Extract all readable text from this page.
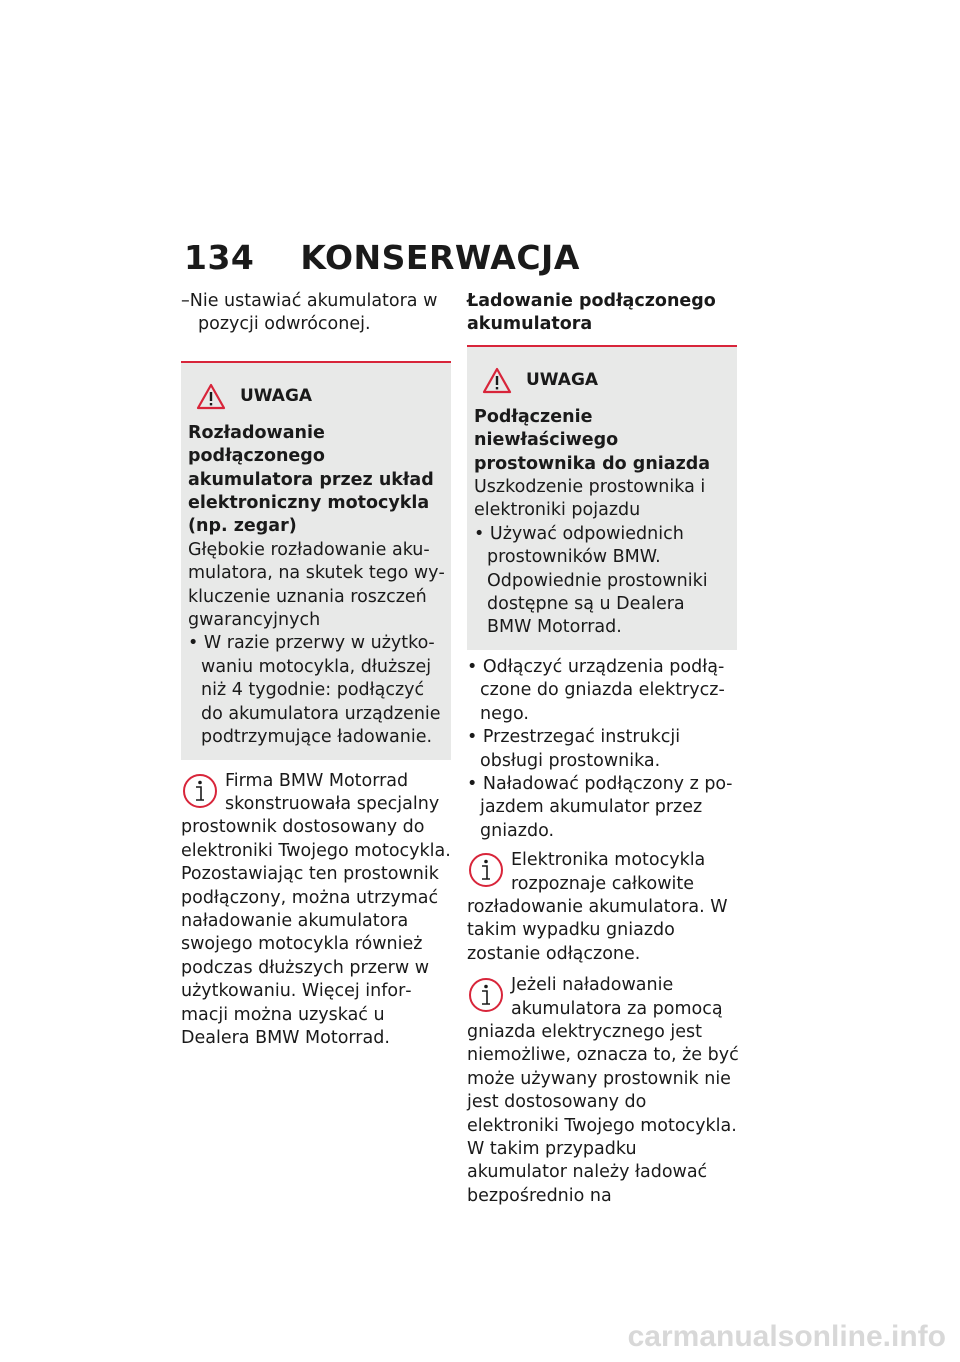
134 KONSERWACJA

–Nie ustawiać akumulatora w pozycji odwróconej.

UWAGA

Rozładowanie podłączonego akumulatora przez układ elektroniczny motocykla (np. zegar)

Głębokie rozładowanie akumulatora, na skutek tego wykluczenie uznania roszczeń gwarancyjnych

• W razie przerwy w użytkowaniu motocykla, dłuższej niż 4 tygodnie: podłączyć do akumulatora urządzenie podtrzymujące ładowanie.

Firma BMW Motorrad skonstruowała specjalny prostownik dostosowany do elektroniki Twojego motocykla. Pozostawiając ten prostownik podłączony, można utrzymać naładowanie akumulatora swojego motocykla również podczas dłuższych przerw w użytkowaniu. Więcej informacji można uzyskać u Dealera BMW Motorrad.

Ładowanie podłączonego akumulatora
UWAGA

Podłączenie niewłaściwego prostownika do gniazda

Uszkodzenie prostownika i elektroniki pojazdu

• Używać odpowiednich prostowników BMW. Odpowiednie prostowniki dostępne są u Dealera BMW Motorrad.

• Odłączyć urządzenia podłączone do gniazda elektrycznego.

• Przestrzegać instrukcji obsługi prostownika.

• Naładować podłączony z pojazdem akumulator przez gniazdo.

Elektronika motocykla rozpoznaje całkowite rozładowanie akumulatora. W takim wypadku gniazdo zostanie odłączone.

Jeżeli naładowanie akumulatora za pomocą gniazda elektrycznego jest niemożliwe, oznacza to, że być może używany prostownik nie jest dostosowany do elektroniki Twojego motocykla. W takim przypadku akumulator należy ładować bezpośrednio na

carmanualsonline.info
